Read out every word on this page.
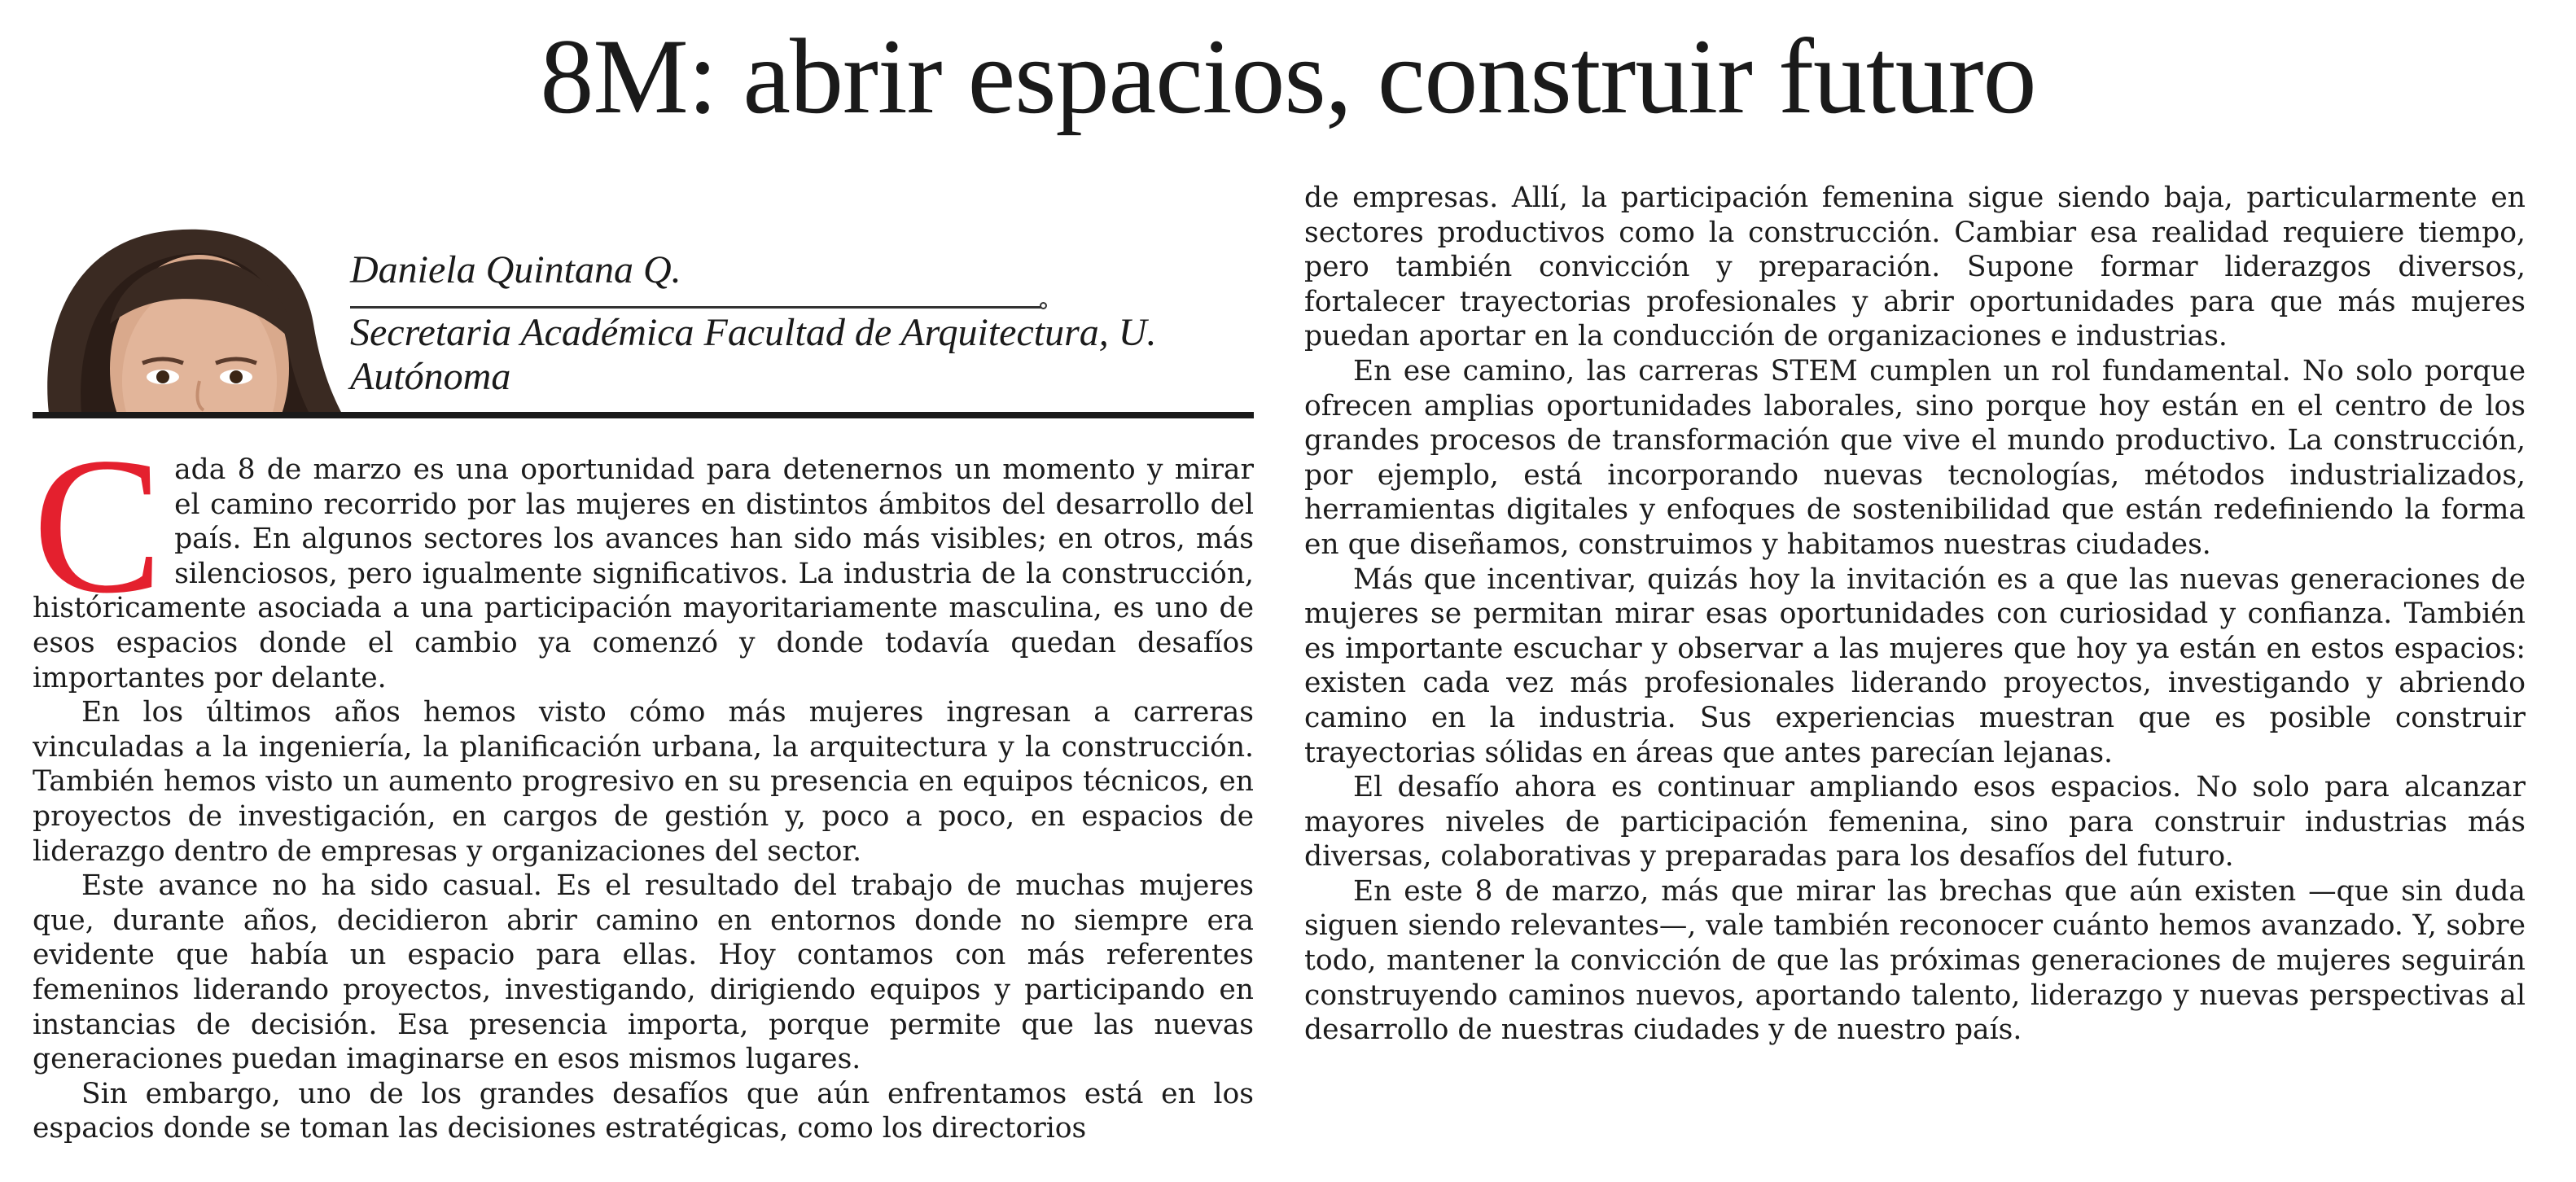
8M: abrir espacios, construir futuro
Daniela Quintana Q.
Secretaria Académica Facultad de Arquitectura, U. Autónoma

Cada 8 de marzo es una oportunidad para detenernos un momento y mirar el camino recorrido por las mujeres en distintos ámbitos del desarrollo del país. En algunos sectores los avances han sido más visibles; en otros, más silenciosos, pero igualmente significativos. La industria de la construcción, históricamente asociada a una participación mayoritariamente masculina, es uno de esos espacios donde el cambio ya comenzó y donde todavía quedan desafíos importantes por delante.

En los últimos años hemos visto cómo más mujeres ingresan a carreras vinculadas a la ingeniería, la planificación urbana, la arquitectura y la construcción. También hemos visto un aumento progresivo en su presencia en equipos técnicos, en proyectos de investigación, en cargos de gestión y, poco a poco, en espacios de liderazgo dentro de empresas y organizaciones del sector.

Este avance no ha sido casual. Es el resultado del trabajo de muchas mujeres que, durante años, decidieron abrir camino en entornos donde no siempre era evidente que había un espacio para ellas. Hoy contamos con más referentes femeninos liderando proyectos, investigando, dirigiendo equipos y participando en instancias de decisión. Esa presencia importa, porque permite que las nuevas generaciones puedan imaginarse en esos mismos lugares.

Sin embargo, uno de los grandes desafíos que aún enfrentamos está en los espacios donde se toman las decisiones estratégicas, como los directorios

de empresas. Allí, la participación femenina sigue siendo baja, particularmente en sectores productivos como la construcción. Cambiar esa realidad requiere tiempo, pero también convicción y preparación. Supone formar liderazgos diversos, fortalecer trayectorias profesionales y abrir oportunidades para que más mujeres puedan aportar en la conducción de organizaciones e industrias.

En ese camino, las carreras STEM cumplen un rol fundamental. No solo porque ofrecen amplias oportunidades laborales, sino porque hoy están en el centro de los grandes procesos de transformación que vive el mundo productivo. La construcción, por ejemplo, está incorporando nuevas tecnologías, métodos industrializados, herramientas digitales y enfoques de sostenibilidad que están redefiniendo la forma en que diseñamos, construimos y habitamos nuestras ciudades.

Más que incentivar, quizás hoy la invitación es a que las nuevas generaciones de mujeres se permitan mirar esas oportunidades con curiosidad y confianza. También es importante escuchar y observar a las mujeres que hoy ya están en estos espacios: existen cada vez más profesionales liderando proyectos, investigando y abriendo camino en la industria. Sus experiencias muestran que es posible construir trayectorias sólidas en áreas que antes parecían lejanas.

El desafío ahora es continuar ampliando esos espacios. No solo para alcanzar mayores niveles de participación femenina, sino para construir industrias más diversas, colaborativas y preparadas para los desafíos del futuro.

En este 8 de marzo, más que mirar las brechas que aún existen —que sin duda siguen siendo relevantes—, vale también reconocer cuánto hemos avanzado. Y, sobre todo, mantener la convicción de que las próximas generaciones de mujeres seguirán construyendo caminos nuevos, aportando talento, liderazgo y nuevas perspectivas al desarrollo de nuestras ciudades y de nuestro país.
